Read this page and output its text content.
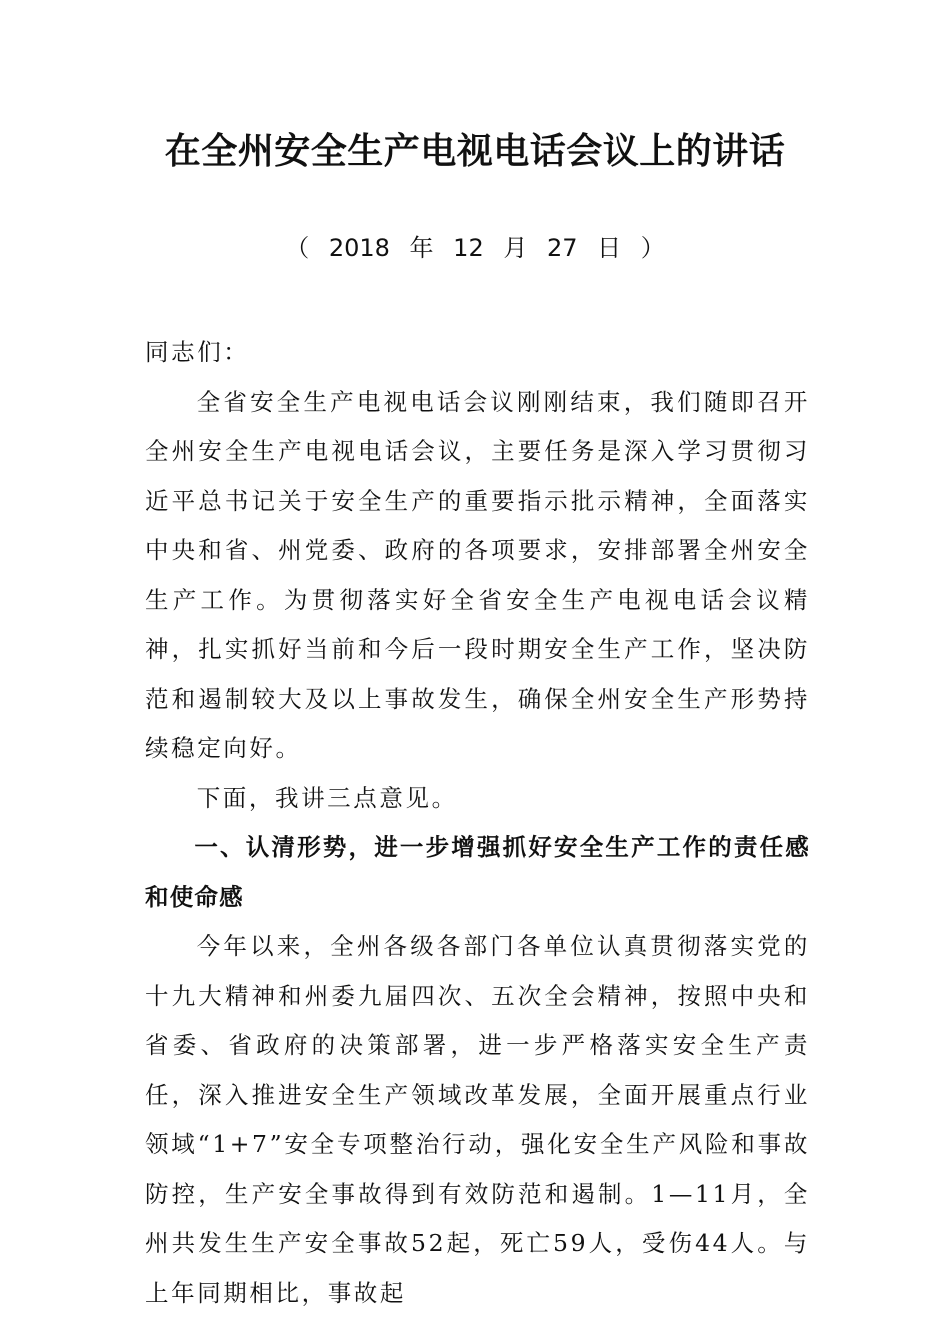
在全州安全生产电视电话会议上的讲话

（ 2018 年 12 月 27 日 ）

同志们：

全省安全生产电视电话会议刚刚结束，我们随即召开全州安全生产电视电话会议，主要任务是深入学习贯彻习近平总书记关于安全生产的重要指示批示精神，全面落实中央和省、州党委、政府的各项要求，安排部署全州安全生产工作。为贯彻落实好全省安全生产电视电话会议精神，扎实抓好当前和今后一段时期安全生产工作，坚决防范和遏制较大及以上事故发生，确保全州安全生产形势持续稳定向好。

下面，我讲三点意见。

一、认清形势，进一步增强抓好安全生产工作的责任感和使命感

今年以来，全州各级各部门各单位认真贯彻落实党的十九大精神和州委九届四次、五次全会精神，按照中央和省委、省政府的决策部署，进一步严格落实安全生产责任，深入推进安全生产领域改革发展，全面开展重点行业领域“1+7”安全专项整治行动，强化安全生产风险和事故防控，生产安全事故得到有效防范和遏制。1—11月，全州共发生生产安全事故52起，死亡59人，受伤44人。与上年同期相比，事故起
